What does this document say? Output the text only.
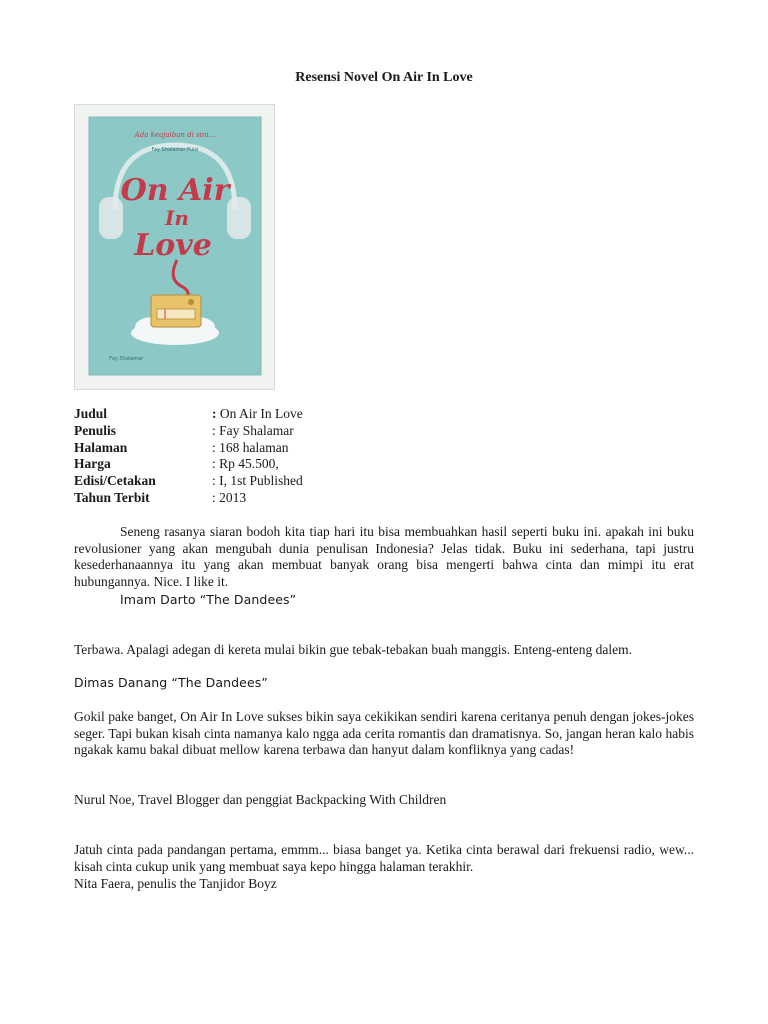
Resensi Novel On Air In Love
Ada keajaiban di sini...
Fay Shalamar Puisi
On Air
In
Love
Fay Shalamar
Judul	: On Air In Love
Penulis	: Fay Shalamar
Halaman	: 168 halaman
Harga	: Rp 45.500,
Edisi/Cetakan	: I, 1st Published
Tahun Terbit	: 2013
Seneng rasanya siaran bodoh kita tiap hari itu bisa membuahkan hasil seperti buku ini. apakah ini buku revolusioner yang akan mengubah dunia penulisan Indonesia? Jelas tidak. Buku ini sederhana, tapi justru kesederhanaannya itu yang akan membuat banyak orang bisa mengerti bahwa cinta dan mimpi itu erat hubungannya. Nice. I like it.
Imam Darto “The Dandees”
Terbawa. Apalagi adegan di kereta mulai bikin gue tebak-tebakan buah manggis. Enteng-enteng dalem.
Dimas Danang “The Dandees”
Gokil pake banget, On Air In Love sukses bikin saya cekikikan sendiri karena ceritanya penuh dengan jokes-jokes seger. Tapi bukan kisah cinta namanya kalo ngga ada cerita romantis dan dramatisnya. So, jangan heran kalo habis ngakak kamu bakal dibuat mellow karena terbawa dan hanyut dalam konfliknya yang cadas!
Nurul Noe, Travel Blogger dan penggiat Backpacking With Children
Jatuh cinta pada pandangan pertama, emmm... biasa banget ya. Ketika cinta berawal dari frekuensi radio, wew... kisah cinta cukup unik yang membuat saya kepo hingga halaman terakhir.
Nita Faera, penulis the Tanjidor Boyz
